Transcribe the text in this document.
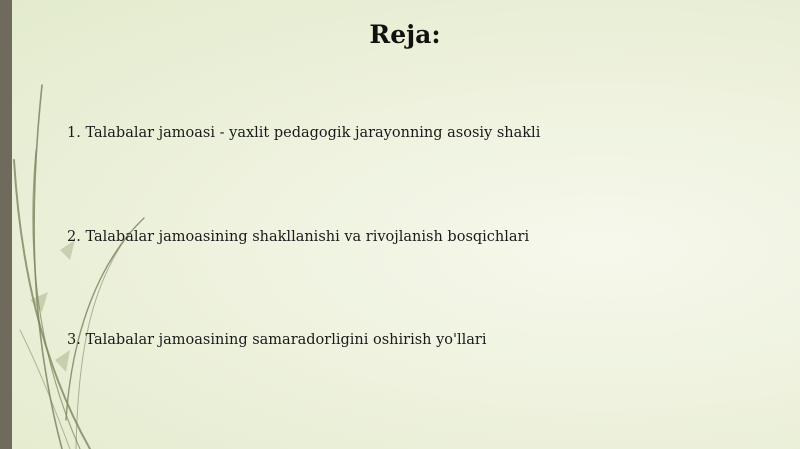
Reja:
1. Talabalar jamoasi - yaxlit pedagogik jarayonning asosiy shakli
2. Talabalar jamoasining shakllanishi va rivojlanish bosqichlari
3. Talabalar jamoasining samaradorligini oshirish yo'llari
